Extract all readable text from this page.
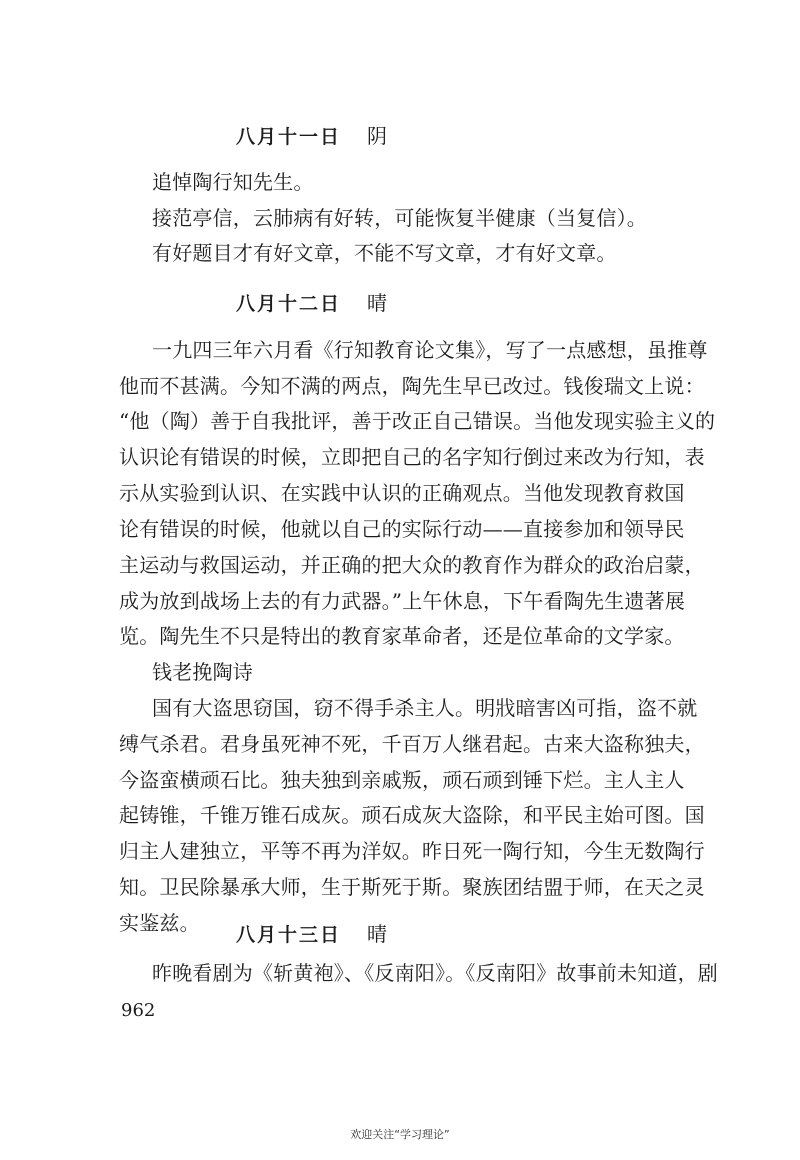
八月十一日 阴
追悼陶行知先生。
接范亭信，云肺病有好转，可能恢复半健康（当复信）。
有好题目才有好文章，不能不写文章，才有好文章。
八月十二日 晴
一九四三年六月看《行知教育论文集》，写了一点感想，虽推尊
他而不甚满。今知不满的两点，陶先生早已改过。钱俊瑞文上说：
“他（陶）善于自我批评，善于改正自己错误。当他发现实验主义的
认识论有错误的时候，立即把自己的名字知行倒过来改为行知，表
示从实验到认识、在实践中认识的正确观点。当他发现教育救国
论有错误的时候，他就以自己的实际行动——直接参加和领导民
主运动与救国运动，并正确的把大众的教育作为群众的政治启蒙，
成为放到战场上去的有力武器。”上午休息，下午看陶先生遗著展
览。陶先生不只是特出的教育家革命者，还是位革命的文学家。
钱老挽陶诗
国有大盗思窃国，窃不得手杀主人。明戕暗害凶可指，盗不就
缚气杀君。君身虽死神不死，千百万人继君起。古来大盗称独夫，
今盗蛮横顽石比。独夫独到亲戚叛，顽石顽到锤下烂。主人主人
起铸锥，千锥万锥石成灰。顽石成灰大盗除，和平民主始可图。国
归主人建独立，平等不再为洋奴。昨日死一陶行知，今生无数陶行
知。卫民除暴承大师，生于斯死于斯。聚族团结盟于师，在天之灵
实鉴兹。 八月十三日 晴
昨晚看剧为《斩黄袍》、《反南阳》。《反南阳》故事前未知道，剧
962
欢迎关注“学习理论”
